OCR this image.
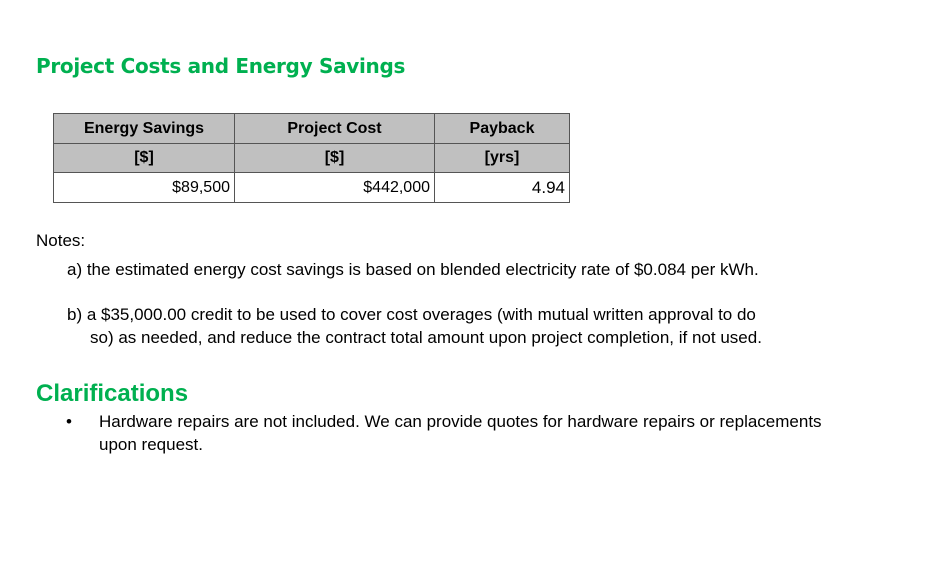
Project Costs and Energy Savings
Energy Savings	Project Cost	Payback
[$]	[$]	[yrs]
$89,500	$442,000	4.94
Notes:
a) the estimated energy cost savings is based on blended electricity rate of $0.084 per kWh.
b) a $35,000.00 credit to be used to cover cost overages (with mutual written approval to do
so) as needed, and reduce the contract total amount upon project completion, if not used.
Clarifications
• Hardware repairs are not included. We can provide quotes for hardware repairs or replacements upon request.
